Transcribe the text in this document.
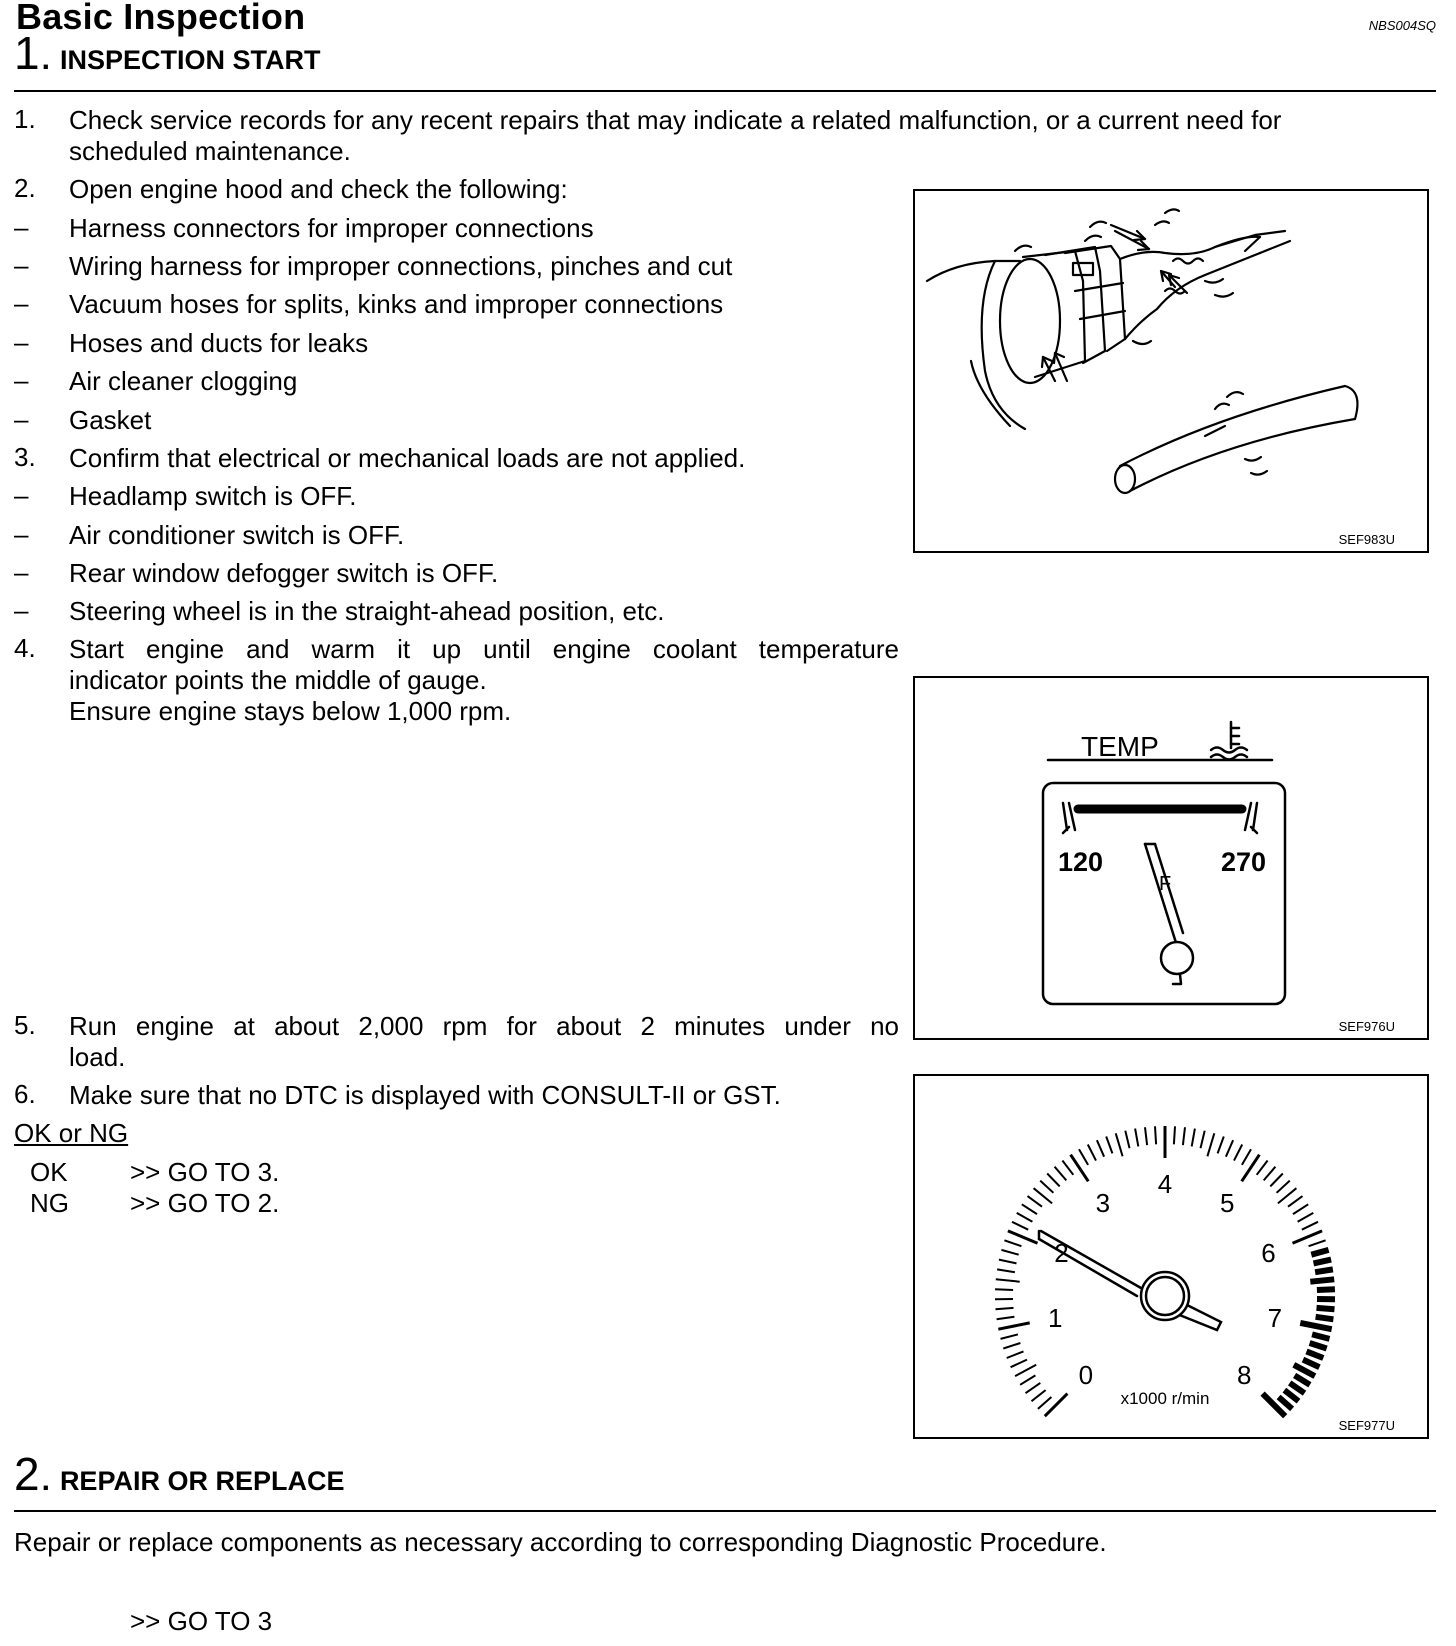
Basic Inspection	NBS004SQ
1 . INSPECTION START
1.	Check service records for any recent repairs that may indicate a related malfunction, or a current need for
scheduled maintenance.
2.	Open engine hood and check the following:
–	Harness connectors for improper connections
–	Wiring harness for improper connections, pinches and cut
–	Vacuum hoses for splits, kinks and improper connections
–	Hoses and ducts for leaks
–	Air cleaner clogging
–	Gasket
3.	Confirm that electrical or mechanical loads are not applied.
–	Headlamp switch is OFF.
–	Air conditioner switch is OFF.
–	Rear window defogger switch is OFF.
–	Steering wheel is in the straight-ahead position, etc.
4.	Start engine and warm it up until engine coolant temperature
indicator points the middle of gauge.
Ensure engine stays below 1,000 rpm.
5.	Run engine at about 2,000 rpm for about 2 minutes under no
load.
6.	Make sure that no DTC is displayed with CONSULT-II or GST.
OK or NG
OK >> GO TO 3.
NG >> GO TO 2.
SEF983U
TEMP
120	270
F
SEF976U
0
1
2
3
4
5
6
7
8
x1000 r/min
SEF977U
2 . REPAIR OR REPLACE
Repair or replace components as necessary according to corresponding Diagnostic Procedure.
>> GO TO 3
